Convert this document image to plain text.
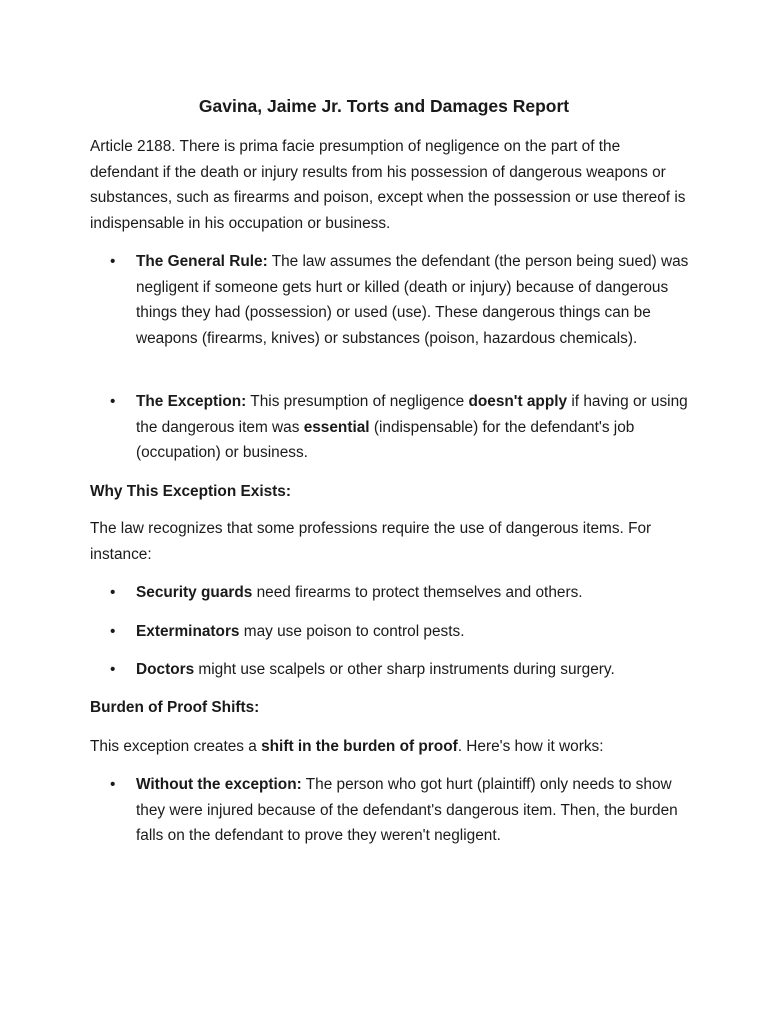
Gavina, Jaime Jr. Torts and Damages Report

Article 2188. There is prima facie presumption of negligence on the part of the defendant if the death or injury results from his possession of dangerous weapons or substances, such as firearms and poison, except when the possession or use thereof is indispensable in his occupation or business.

• The General Rule: The law assumes the defendant (the person being sued) was negligent if someone gets hurt or killed (death or injury) because of dangerous things they had (possession) or used (use). These dangerous things can be weapons (firearms, knives) or substances (poison, hazardous chemicals).
• The Exception: This presumption of negligence doesn't apply if having or using the dangerous item was essential (indispensable) for the defendant's job (occupation) or business.

Why This Exception Exists:

The law recognizes that some professions require the use of dangerous items. For instance:

• Security guards need firearms to protect themselves and others.
• Exterminators may use poison to control pests.
• Doctors might use scalpels or other sharp instruments during surgery.

Burden of Proof Shifts:

This exception creates a shift in the burden of proof. Here's how it works:

• Without the exception: The person who got hurt (plaintiff) only needs to show they were injured because of the defendant's dangerous item. Then, the burden falls on the defendant to prove they weren't negligent.
